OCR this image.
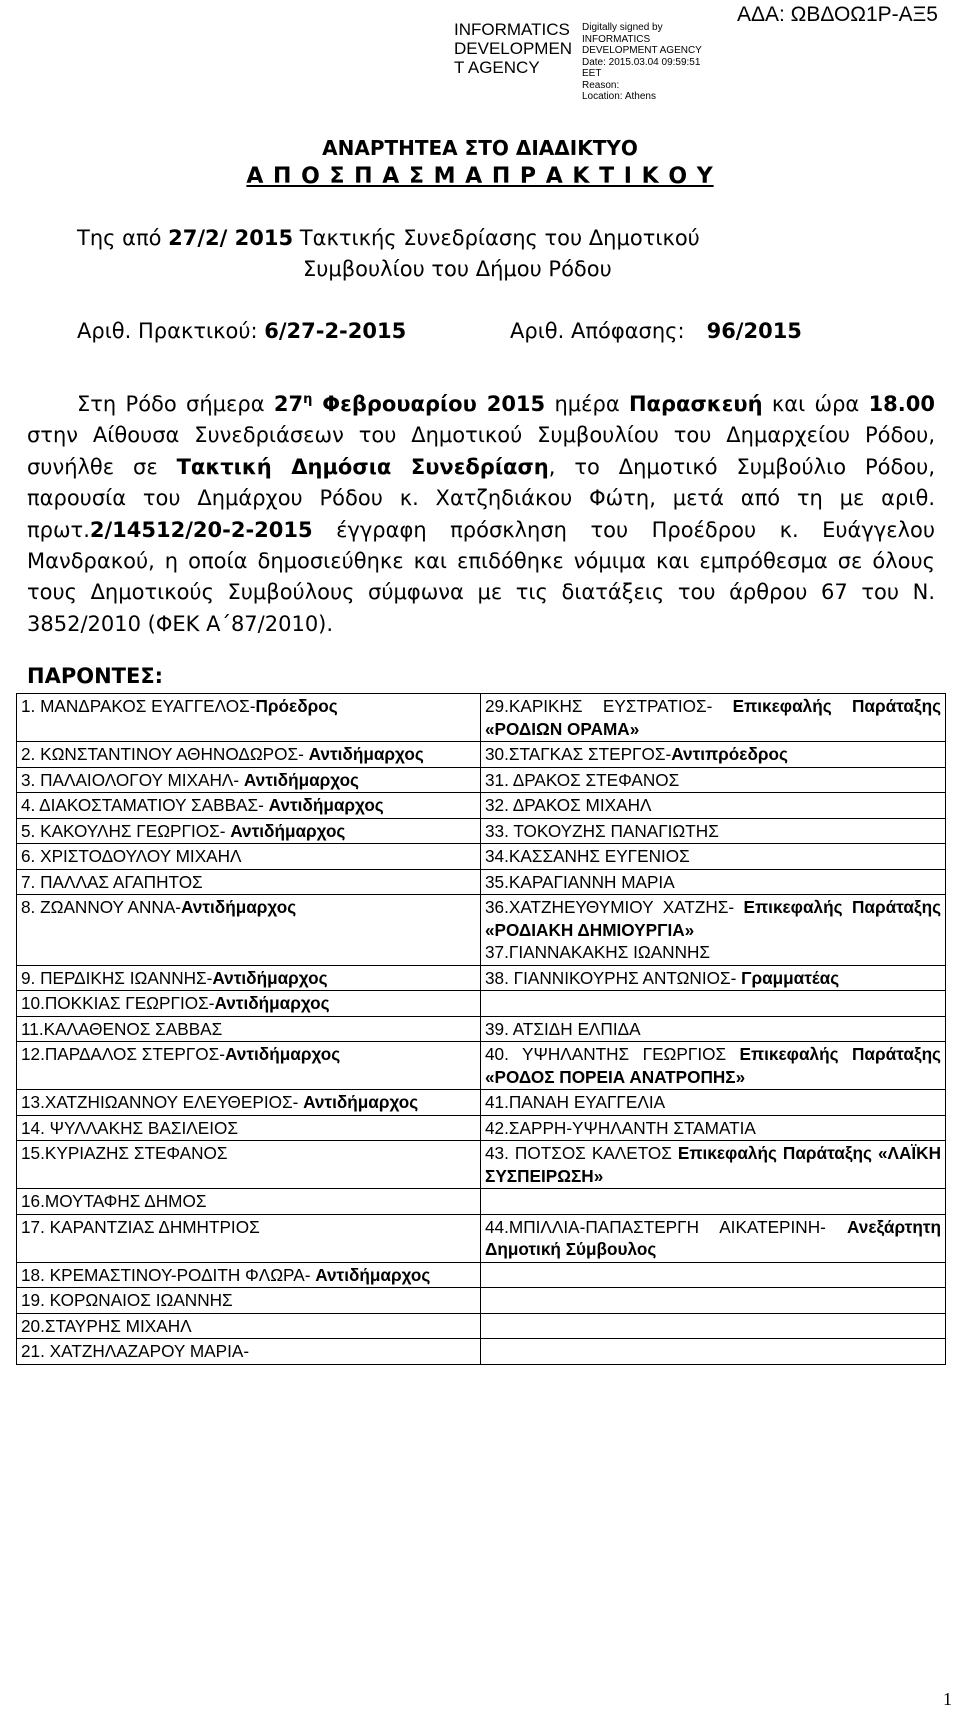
INFORMATICS
DEVELOPMEN
T AGENCY
Digitally signed by
INFORMATICS
DEVELOPMENT AGENCY
Date: 2015.03.04 09:59:51
EET
Reason:
Location: Athens
ΑΔΑ: ΩΒΔΟΩ1Ρ-ΑΞ5
ΑΝΑΡΤΗΤΕΑ ΣΤΟ ΔΙΑΔΙΚΤΥΟ
Α Π Ο Σ Π Α Σ Μ Α Π Ρ Α Κ Τ Ι Κ Ο Υ
Της από 27/2/ 2015 Τακτικής Συνεδρίασης του Δημοτικού
Συμβουλίου του Δήμου Ρόδου
Αριθ. Πρακτικού: 6/27-2-2015	Αριθ. Απόφασης: 96/2015
Στη Ρόδο σήμερα $27^\eta$ Φεβρουαρίου 2015 ημέρα Παρασκευή και ώρα 18.00 στην Αίθουσα Συνεδριάσεων του Δημοτικού Συμβουλίου του Δημαρχείου Ρόδου, συνήλθε σε Τακτική Δημόσια Συνεδρίαση, το Δημοτικό Συμβούλιο Ρόδου, παρουσία του Δημάρχου Ρόδου κ. Χατζηδιάκου Φώτη, μετά από τη με αριθ. πρωτ.2/14512/20-2-2015 έγγραφη πρόσκληση του Προέδρου κ. Ευάγγελου Μανδρακού, η οποία δημοσιεύθηκε και επιδόθηκε νόμιμα και εμπρόθεσμα σε όλους τους Δημοτικούς Συμβούλους σύμφωνα με τις διατάξεις του άρθρου 67 του Ν. 3852/2010 (ΦΕΚ Α΄87/2010).
ΠΑΡΟΝΤΕΣ:
1. ΜΑΝΔΡΑΚΟΣ ΕΥΑΓΓΕΛΟΣ-Πρόεδρος	29.ΚΑΡΙΚΗΣ ΕΥΣΤΡΑΤΙΟΣ- Επικεφαλής Παράταξης «ΡΟΔΙΩΝ ΟΡΑΜΑ»
2. ΚΩΝΣΤΑΝΤΙΝΟΥ ΑΘΗΝΟΔΩΡΟΣ- Αντιδήμαρχος	30.ΣΤΑΓΚΑΣ ΣΤΕΡΓΟΣ-Αντιπρόεδρος
3. ΠΑΛΑΙΟΛΟΓΟΥ ΜΙΧΑΗΛ- Αντιδήμαρχος	31. ΔΡΑΚΟΣ ΣΤΕΦΑΝΟΣ
4. ΔΙΑΚΟΣΤΑΜΑΤΙΟΥ ΣΑΒΒΑΣ- Αντιδήμαρχος	32. ΔΡΑΚΟΣ ΜΙΧΑΗΛ
5. ΚΑΚΟΥΛΗΣ ΓΕΩΡΓΙΟΣ- Αντιδήμαρχος	33. ΤΟΚΟΥΖΗΣ ΠΑΝΑΓΙΩΤΗΣ
6. ΧΡΙΣΤΟΔΟΥΛΟΥ ΜΙΧΑΗΛ	34.ΚΑΣΣΑΝΗΣ ΕΥΓΕΝΙΟΣ
7. ΠΑΛΛΑΣ ΑΓΑΠΗΤΟΣ	35.ΚΑΡΑΓΙΑΝΝΗ ΜΑΡΙΑ
8. ΖΩΑΝΝΟΥ ΑΝΝΑ-Αντιδήμαρχος	36.ΧΑΤΖΗΕΥΘΥΜΙΟΥ ΧΑΤΖΗΣ- Επικεφαλής Παράταξης «ΡΟΔΙΑΚΗ ΔΗΜΙΟΥΡΓΙΑ»
37.ΓΙΑΝΝΑΚΑΚΗΣ ΙΩΑΝΝΗΣ

9. ΠΕΡΔΙΚΗΣ ΙΩΑΝΝΗΣ-Αντιδήμαρχος	38. ΓΙΑΝΝΙΚΟΥΡΗΣ ΑΝΤΩΝΙΟΣ- Γραμματέας
10.ΠΟΚΚΙΑΣ ΓΕΩΡΓΙΟΣ-Αντιδήμαρχος	
11.ΚΑΛΑΘΕΝΟΣ ΣΑΒΒΑΣ	39. ΑΤΣΙΔΗ ΕΛΠΙΔΑ
12.ΠΑΡΔΑΛΟΣ ΣΤΕΡΓΟΣ-Αντιδήμαρχος	40. ΥΨΗΛΑΝΤΗΣ ΓΕΩΡΓΙΟΣ Επικεφαλής Παράταξης «ΡΟΔΟΣ ΠΟΡΕΙΑ ΑΝΑΤΡΟΠΗΣ»
13.ΧΑΤΖΗΙΩΑΝΝΟΥ ΕΛΕΥΘΕΡΙΟΣ- Αντιδήμαρχος	41.ΠΑΝΑΗ ΕΥΑΓΓΕΛΙΑ
14. ΨΥΛΛΑΚΗΣ ΒΑΣΙΛΕΙΟΣ	42.ΣΑΡΡΗ-ΥΨΗΛΑΝΤΗ ΣΤΑΜΑΤΙΑ
15.ΚΥΡΙΑΖΗΣ ΣΤΕΦΑΝΟΣ	43. ΠΟΤΣΟΣ ΚΑΛΕΤΟΣ Επικεφαλής Παράταξης «ΛΑΪΚΗ ΣΥΣΠΕΙΡΩΣΗ»
16.ΜΟΥΤΑΦΗΣ ΔΗΜΟΣ	
17. ΚΑΡΑΝΤΖΙΑΣ ΔΗΜΗΤΡΙΟΣ	44.ΜΠΙΛΛΙΑ-ΠΑΠΑΣΤΕΡΓΗ ΑΙΚΑΤΕΡΙΝΗ- Ανεξάρτητη Δημοτική Σύμβουλος
18. ΚΡΕΜΑΣΤΙΝΟΥ-ΡΟΔΙΤΗ ΦΛΩΡΑ- Αντιδήμαρχος	
19. ΚΟΡΩΝΑΙΟΣ ΙΩΑΝΝΗΣ	
20.ΣΤΑΥΡΗΣ ΜΙΧΑΗΛ	
21. ΧΑΤΖΗΛΑΖΑΡΟΥ ΜΑΡΙΑ-	
1
